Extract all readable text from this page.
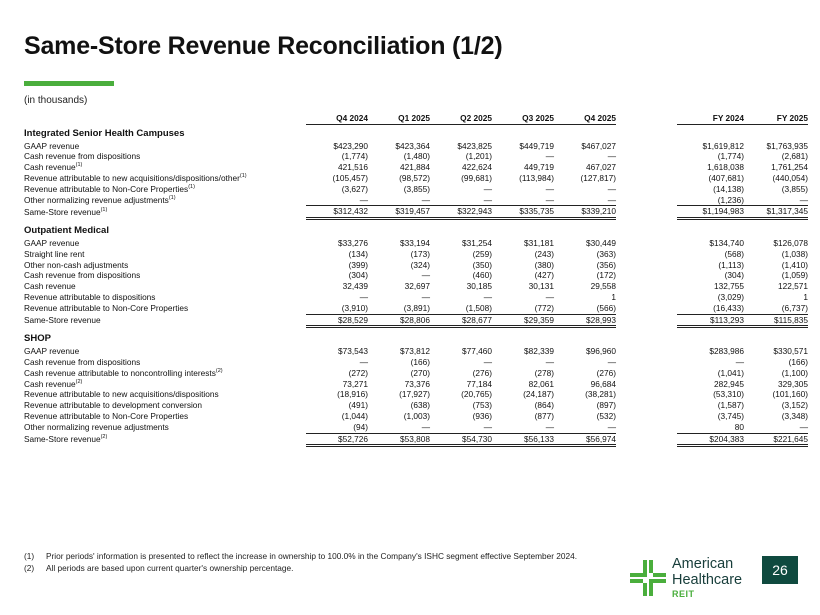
Same-Store Revenue Reconciliation (1/2)
(in thousands)
	Q4 2024	Q1 2025	Q2 2025	Q3 2025	Q4 2025		FY 2024	FY 2025
Integrated Senior Health Campuses								
GAAP revenue	$423,290	$423,364	$423,825	$449,719	$467,027		$1,619,812	$1,763,935
Cash revenue from dispositions	(1,774)	(1,480)	(1,201)	—	—		(1,774)	(2,681)
Cash revenue$^{(1)}$	421,516	421,884	422,624	449,719	467,027		1,618,038	1,761,254
Revenue attributable to new acquisitions/dispositions/other$^{(1)}$	(105,457)	(98,572)	(99,681)	(113,984)	(127,817)		(407,681)	(440,054)
Revenue attributable to Non-Core Properties$^{(1)}$	(3,627)	(3,855)	—	—	—		(14,138)	(3,855)
Other normalizing revenue adjustments$^{(1)}$	—	—	—	—	—		(1,236)	—
Same-Store revenue$^{(1)}$	$312,432	$319,457	$322,943	$335,735	$339,210		$1,194,983	$1,317,345
Outpatient Medical								
GAAP revenue	$33,276	$33,194	$31,254	$31,181	$30,449		$134,740	$126,078
Straight line rent	(134)	(173)	(259)	(243)	(363)		(568)	(1,038)
Other non-cash adjustments	(399)	(324)	(350)	(380)	(356)		(1,113)	(1,410)
Cash revenue from dispositions	(304)	—	(460)	(427)	(172)		(304)	(1,059)
Cash revenue	32,439	32,697	30,185	30,131	29,558		132,755	122,571
Revenue attributable to dispositions	—	—	—	—	1		(3,029)	1
Revenue attributable to Non-Core Properties	(3,910)	(3,891)	(1,508)	(772)	(566)		(16,433)	(6,737)
Same-Store revenue	$28,529	$28,806	$28,677	$29,359	$28,993		$113,293	$115,835
SHOP								
GAAP revenue	$73,543	$73,812	$77,460	$82,339	$96,960		$283,986	$330,571
Cash revenue from dispositions	—	(166)	—	—	—		—	(166)
Cash revenue attributable to noncontrolling interests$^{(2)}$	(272)	(270)	(276)	(278)	(276)		(1,041)	(1,100)
Cash revenue$^{(2)}$	73,271	73,376	77,184	82,061	96,684		282,945	329,305
Revenue attributable to new acquisitions/dispositions	(18,916)	(17,927)	(20,765)	(24,187)	(38,281)		(53,310)	(101,160)
Revenue attributable to development conversion	(491)	(638)	(753)	(864)	(897)		(1,587)	(3,152)
Revenue attributable to Non-Core Properties	(1,044)	(1,003)	(936)	(877)	(532)		(3,745)	(3,348)
Other normalizing revenue adjustments	(94)	—	—	—	—		80	—
Same-Store revenue$^{(2)}$	$52,726	$53,808	$54,730	$56,133	$56,974		$204,383	$221,645
(1)	Prior periods' information is presented to reflect the increase in ownership to 100.0% in the Company's ISHC segment effective September 2024.
(2)	All periods are based upon current quarter's ownership percentage.	American
Healthcare
REIT
26
